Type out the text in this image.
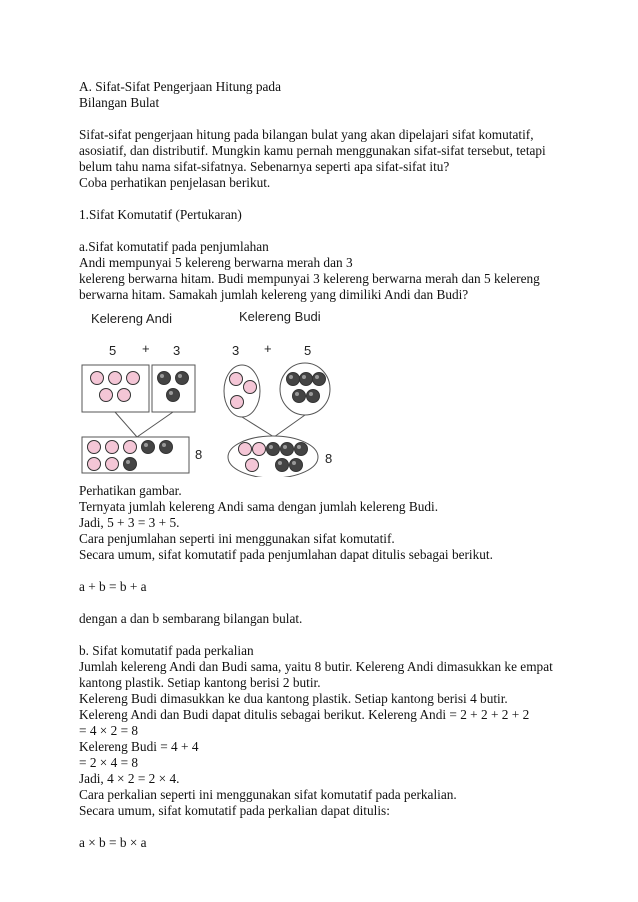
A. Sifat-Sifat Pengerjaan Hitung pada
Bilangan Bulat
Sifat-sifat pengerjaan hitung pada bilangan bulat yang akan dipelajari sifat komutatif,
asosiatif, dan distributif. Mungkin kamu pernah menggunakan sifat-sifat tersebut, tetapi
belum tahu nama sifat-sifatnya. Sebenarnya seperti apa sifat-sifat itu?
Coba perhatikan penjelasan berikut.
1.Sifat Komutatif (Pertukaran)
a.Sifat komutatif pada penjumlahan
Andi mempunyai 5 kelereng berwarna merah dan 3
kelereng berwarna hitam. Budi mempunyai 3 kelereng berwarna merah dan 5 kelereng
berwarna hitam. Samakah jumlah kelereng yang dimiliki Andi dan Budi?
Kelereng Andi	Kelereng Budi
5 + 3	3 + 5
8	8
Perhatikan gambar.
Ternyata jumlah kelereng Andi sama dengan jumlah kelereng Budi.
Jadi, 5 + 3 = 3 + 5.
Cara penjumlahan seperti ini menggunakan sifat komutatif.
Secara umum, sifat komutatif pada penjumlahan dapat ditulis sebagai berikut.
a + b = b + a
dengan a dan b sembarang bilangan bulat.
b. Sifat komutatif pada perkalian
Jumlah kelereng Andi dan Budi sama, yaitu 8 butir. Kelereng Andi dimasukkan ke empat
kantong plastik. Setiap kantong berisi 2 butir.
Kelereng Budi dimasukkan ke dua kantong plastik. Setiap kantong berisi 4 butir.
Kelereng Andi dan Budi dapat ditulis sebagai berikut. Kelereng Andi = 2 + 2 + 2 + 2
= 4 × 2 = 8
Kelereng Budi = 4 + 4
= 2 × 4 = 8
Jadi, 4 × 2 = 2 × 4.
Cara perkalian seperti ini menggunakan sifat komutatif pada perkalian.
Secara umum, sifat komutatif pada perkalian dapat ditulis:
a × b = b × a
